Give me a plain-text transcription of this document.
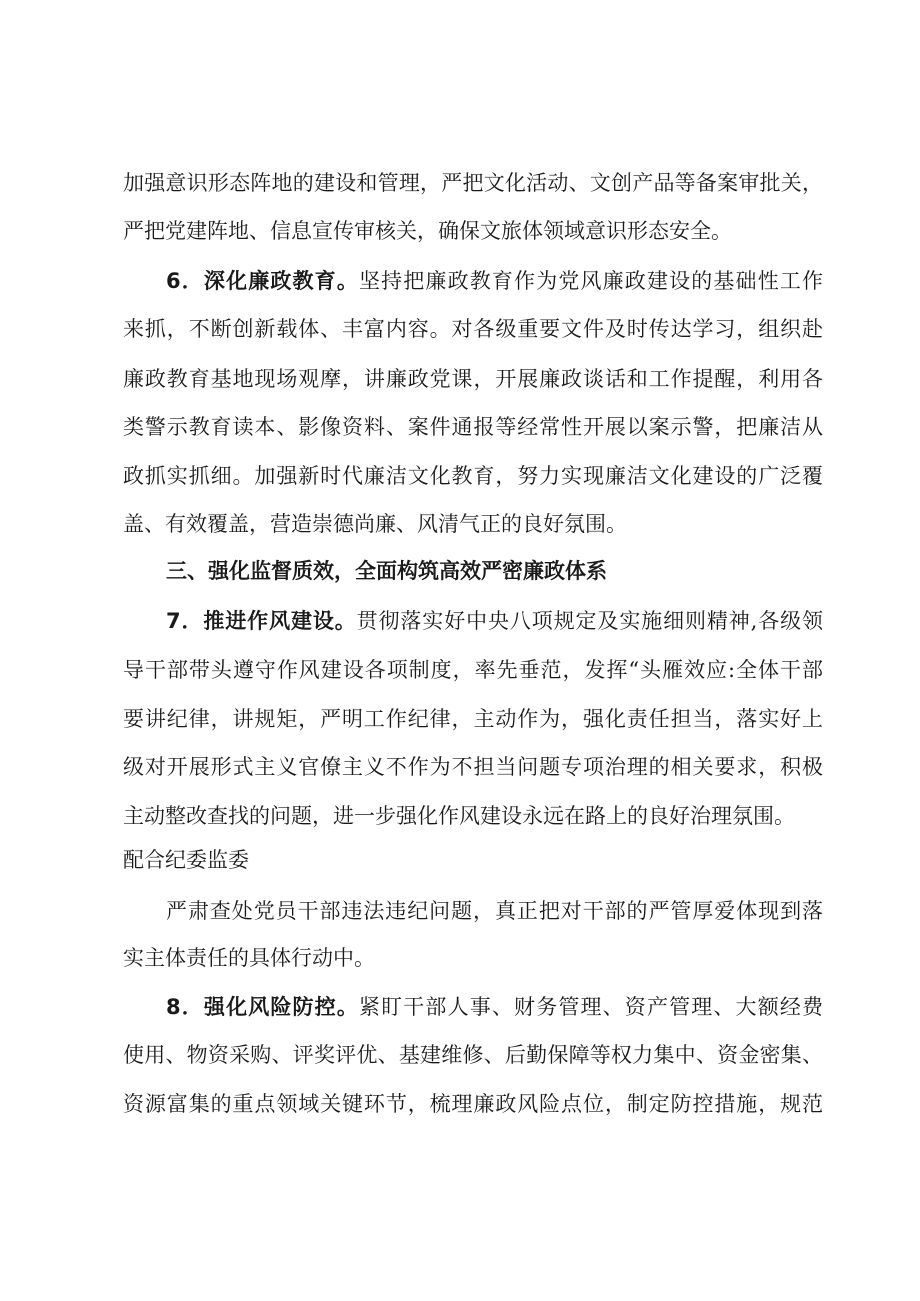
加强意识形态阵地的建设和管理，严把文化活动、文创产品等备案审批关，
严把党建阵地、信息宣传审核关，确保文旅体领域意识形态安全。
6．深化廉政教育。坚持把廉政教育作为党风廉政建设的基础性工作
来抓，不断创新载体、丰富内容。对各级重要文件及时传达学习，组织赴
廉政教育基地现场观摩，讲廉政党课，开展廉政谈话和工作提醒，利用各
类警示教育读本、影像资料、案件通报等经常性开展以案示警，把廉洁从
政抓实抓细。加强新时代廉洁文化教育，努力实现廉洁文化建设的广泛覆
盖、有效覆盖，营造崇德尚廉、风清气正的良好氛围。
三、强化监督质效，全面构筑高效严密廉政体系
7．推进作风建设。贯彻落实好中央八项规定及实施细则精神,各级领
导干部带头遵守作风建设各项制度，率先垂范，发挥“头雁效应:全体干部
要讲纪律，讲规矩，严明工作纪律，主动作为，强化责任担当，落实好上
级对开展形式主义官僚主义不作为不担当问题专项治理的相关要求，积极
主动整改查找的问题，进一步强化作风建设永远在路上的良好治理氛围。
配合纪委监委
严肃查处党员干部违法违纪问题，真正把对干部的严管厚爱体现到落
实主体责任的具体行动中。
8．强化风险防控。紧盯干部人事、财务管理、资产管理、大额经费
使用、物资采购、评奖评优、基建维修、后勤保障等权力集中、资金密集、
资源富集的重点领域关键环节，梳理廉政风险点位，制定防控措施，规范
